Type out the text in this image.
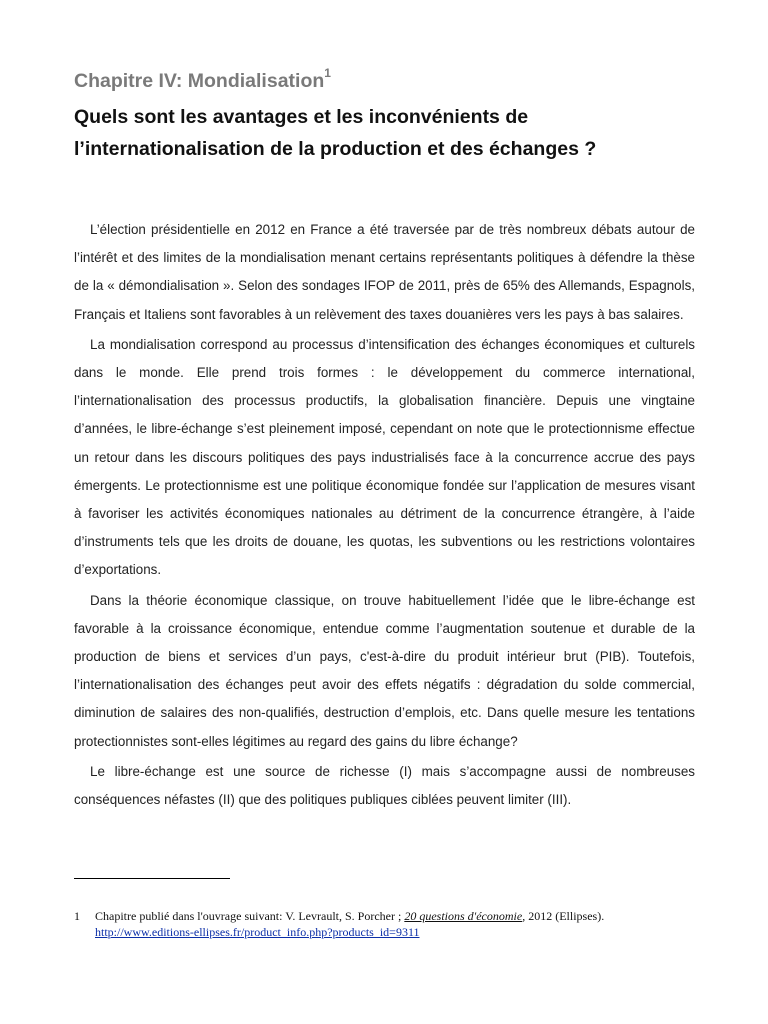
Chapitre IV: Mondialisation$^1$
Quels sont les avantages et les inconvénients de l’internationalisation de la production et des échanges ?

L’élection présidentielle en 2012 en France a été traversée par de très nombreux débats autour de l’intérêt et des limites de la mondialisation menant certains représentants politiques à défendre la thèse de la « démondialisation ». Selon des sondages IFOP de 2011, près de 65% des Allemands, Espagnols, Français et Italiens sont favorables à un relèvement des taxes douanières vers les pays à bas salaires.

La mondialisation correspond au processus d’intensification des échanges économiques et culturels dans le monde. Elle prend trois formes : le développement du commerce international, l’internationalisation des processus productifs, la globalisation financière. Depuis une vingtaine d’années, le libre-échange s’est pleinement imposé, cependant on note que le protectionnisme effectue un retour dans les discours politiques des pays industrialisés face à la concurrence accrue des pays émergents. Le protectionnisme est une politique économique fondée sur l’application de mesures visant à favoriser les activités économiques nationales au détriment de la concurrence étrangère, à l’aide d’instruments tels que les droits de douane, les quotas, les subventions ou les restrictions volontaires d’exportations.

Dans la théorie économique classique, on trouve habituellement l’idée que le libre-échange est favorable à la croissance économique, entendue comme l’augmentation soutenue et durable de la production de biens et services d’un pays, c'est-à-dire du produit intérieur brut (PIB). Toutefois, l’internationalisation des échanges peut avoir des effets négatifs : dégradation du solde commercial, diminution de salaires des non-qualifiés, destruction d’emplois, etc. Dans quelle mesure les tentations protectionnistes sont-elles légitimes au regard des gains du libre échange?

Le libre-échange est une source de richesse (I) mais s’accompagne aussi de nombreuses conséquences néfastes (II) que des politiques publiques ciblées peuvent limiter (III).

1 Chapitre publié dans l'ouvrage suivant: V. Levrault, S. Porcher ; 20 questions d'économie, 2012 (Ellipses).
http://www.editions-ellipses.fr/product_info.php?products_id=9311
